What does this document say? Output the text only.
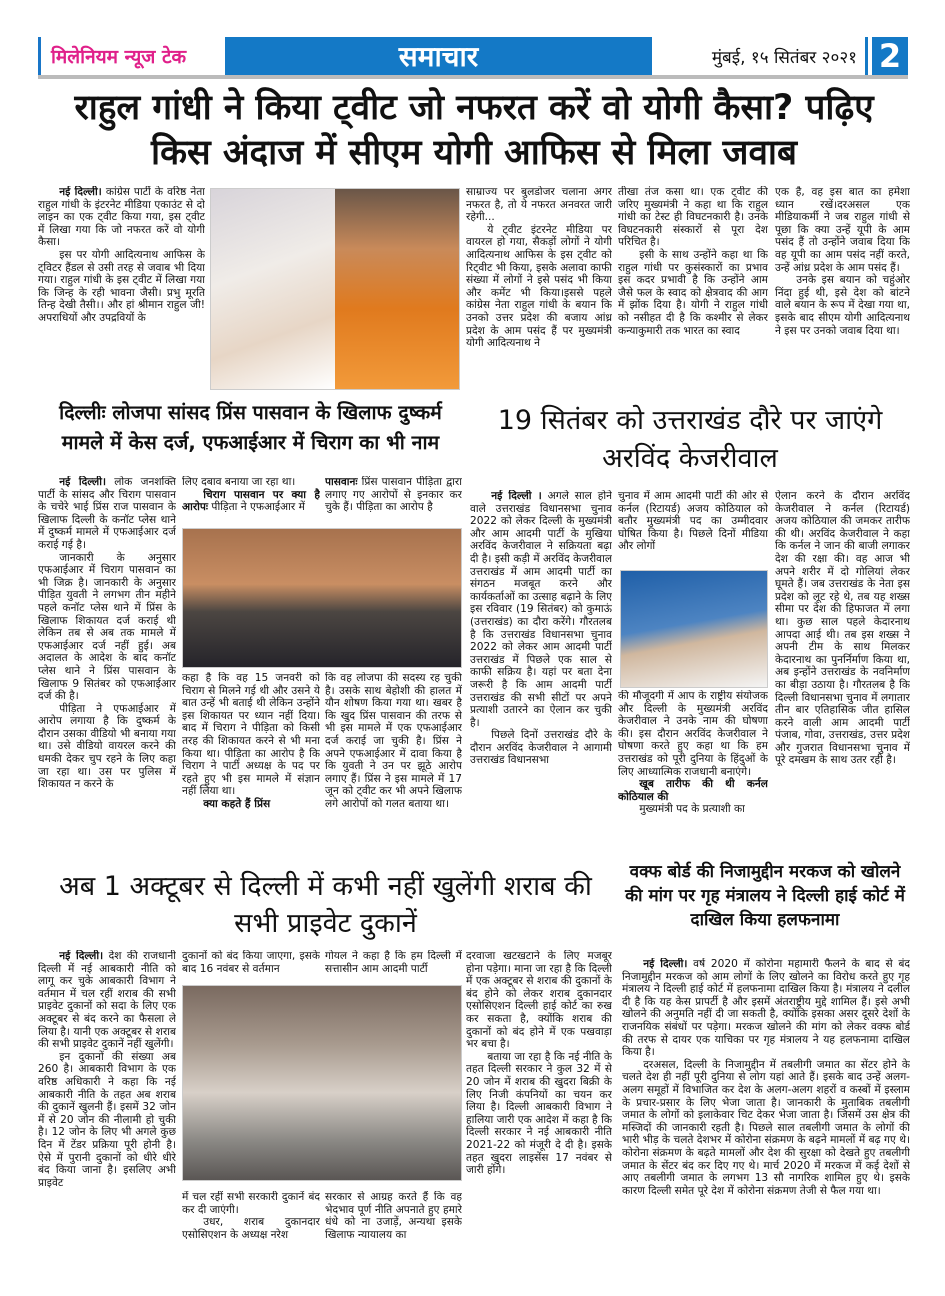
मिलेनियम न्यूज टेक	समाचार	मुंबई, १५ सितंबर २०२१ 2
राहुल गांधी ने किया ट्वीट जो नफरत करें वो योगी कैसा? पढ़िए किस अंदाज में सीएम योगी आफिस से मिला जवाब

नई दिल्ली। कांग्रेस पार्टी के वरिष्ठ नेता राहुल गांधी के इंटरनेट मीडिया एकाउंट से दो लाइन का एक ट्वीट किया गया, इस ट्वीट में लिखा गया कि जो नफरत करें वो योगी कैसा।

इस पर योगी आदित्यनाथ आफिस के ट्विटर हैंडल से उसी तरह से जवाब भी दिया गया। राहुल गांधी के इस ट्वीट में लिखा गया कि जिन्ह के रही भावना जैसी। प्रभु मूरति तिन्ह देखी तैसी।। और हां श्रीमान राहुल जी! अपराधियों और उपद्रवियों के

साम्राज्य पर बुलडोजर चलाना अगर नफरत है, तो ये नफरत अनवरत जारी रहेगी...

ये ट्वीट इंटरनेट मीडिया पर वायरल हो गया, सैकड़ों लोगों ने योगी आदित्यनाथ आफिस के इस ट्वीट को रिट्वीट भी किया, इसके अलावा काफी संख्या में लोगों ने इसे पसंद भी किया और कमेंट भी किया।इससे पहले कांग्रेस नेता राहुल गांधी के बयान कि उनको उत्तर प्रदेश की बजाय आंध्र प्रदेश के आम पसंद हैं पर मुख्यमंत्री योगी आदित्यनाथ ने

तीखा तंज कसा था। एक ट्वीट की जरिए मुख्यमंत्री ने कहा था कि राहुल गांधी का टेस्ट ही विघटनकारी है। उनके विघटनकारी संस्कारों से पूरा देश परिचित है।

इसी के साथ उन्होंने कहा था कि राहुल गांधी पर कुसंस्कारों का प्रभाव इस कदर प्रभावी है कि उन्होंने आम जैसे फल के स्वाद को क्षेत्रवाद की आग में झोंक दिया है। योगी ने राहुल गांधी को नसीहत दी है कि कश्मीर से लेकर कन्याकुमारी तक भारत का स्वाद

एक है, वह इस बात का हमेशा ध्यान रखें।दरअसल एक मीडियाकर्मी ने जब राहुल गांधी से पूछा कि क्या उन्हें यूपी के आम पसंद हैं तो उन्होंने जवाब दिया कि वह यूपी का आम पसंद नहीं करते, उन्हें आंध्र प्रदेश के आम पसंद हैं।

उनके इस बयान को चहुंओर निंदा हुई थी, इसे देश को बांटने वाले बयान के रूप में देखा गया था, इसके बाद सीएम योगी आदित्यनाथ ने इस पर उनको जवाब दिया था।

दिल्लीः लोजपा सांसद प्रिंस पासवान के खिलाफ दुष्कर्म मामले में केस दर्ज, एफआईआर में चिराग का भी नाम

नई दिल्ली। लोक जनशक्ति पार्टी के सांसद और चिराग पासवान के चचेरे भाई प्रिंस राज पासवान के खिलाफ दिल्ली के कनॉट प्लेस थाने में दुष्कर्म मामले में एफआईआर दर्ज कराई गई है।

जानकारी के अनुसार एफआईआर में चिराग पासवान का भी जिक्र है। जानकारी के अनुसार पीड़ित युवती ने लगभग तीन महीने पहले कनॉट प्लेस थाने में प्रिंस के खिलाफ शिकायत दर्ज कराई थी लेकिन तब से अब तक मामले में एफआईआर दर्ज नहीं हुई। अब अदालत के आदेश के बाद कनॉट प्लेस थाने ने प्रिंस पासवान के खिलाफ 9 सितंबर को एफआईआर दर्ज की है।

पीड़िता ने एफआईआर में आरोप लगाया है कि दुष्कर्म के दौरान उसका वीडियो भी बनाया गया था। उसे वीडियो वायरल करने की धमकी देकर चुप रहने के लिए कहा जा रहा था। उस पर पुलिस में शिकायत न करने के

लिए दबाव बनाया जा रहा था।

चिराग पासवान पर क्या है आरोपः पीड़िता ने एफआईआर में

पासवानः प्रिंस पासवान पीड़िता द्वारा लगाए गए आरोपों से इनकार कर चुके हैं। पीड़िता का आरोप है

कहा है कि वह 15 जनवरी को चिराग से मिलने गई थी और उसने ये बात उन्हें भी बताई थी लेकिन उन्होंने इस शिकायत पर ध्यान नहीं दिया। बाद में चिराग ने पीड़िता को किसी तरह की शिकायत करने से भी मना किया था। पीड़िता का आरोप है कि चिराग ने पार्टी अध्यक्ष के पद पर रहते हुए भी इस मामले में संज्ञान नहीं लिया था।

क्या कहते हैं प्रिंस

कि वह लोजपा की सदस्य रह चुकी है। उसके साथ बेहोशी की हालत में यौन शोषण किया गया था। खबर है कि खुद प्रिंस पासवान की तरफ से भी इस मामले में एक एफआईआर दर्ज कराई जा चुकी है। प्रिंस ने अपने एफआईआर में दावा किया है कि युवती ने उन पर झूठे आरोप लगाए हैं। प्रिंस ने इस मामले में 17 जून को ट्वीट कर भी अपने खिलाफ लगे आरोपों को गलत बताया था।

19 सितंबर को उत्तराखंड दौरे पर जाएंगे अरविंद केजरीवाल

नई दिल्ली । अगले साल होने वाले उत्तराखंड विधानसभा चुनाव 2022 को लेकर दिल्ली के मुख्यमंत्री और आम आदमी पार्टी के मुखिया अरविंद केजरीवाल ने सक्रियता बढ़ा दी है। इसी कड़ी में अरविंद केजरीवाल उत्तराखंड में आम आदमी पार्टी का संगठन मजबूत करने और कार्यकर्ताओं का उत्साह बढ़ाने के लिए इस रविवार (19 सितंबर) को कुमाऊं (उत्तराखंड) का दौरा करेंगे। गौरतलब है कि उत्तराखंड विधानसभा चुनाव 2022 को लेकर आम आदमी पार्टी उत्तराखंड में पिछले एक साल से काफी सक्रिय है। यहां पर बता देना जरूरी है कि आम आदमी पार्टी उत्तराखंड की सभी सीटों पर अपने प्रत्याशी उतारने का ऐलान कर चुकी है।

पिछले दिनों उत्तराखंड दौरे के दौरान अरविंद केजरीवाल ने आगामी उत्तराखंड विधानसभा

चुनाव में आम आदमी पार्टी की ओर से कर्नल (रिटायर्ड) अजय कोठियाल को बतौर मुख्यमंत्री पद का उम्मीदवार घोषित किया है। पिछले दिनों मीडिया और लोगों

की मौजूदगी में आप के राष्ट्रीय संयोजक और दिल्ली के मुख्यमंत्री अरविंद केजरीवाल ने उनके नाम की घोषणा की। इस दौरान अरविंद केजरीवाल ने घोषणा करते हुए कहा था कि हम उत्तराखंड को पूरी दुनिया के हिंदुओं के लिए आध्यात्मिक राजधानी बनाएंगे।

खूब तारीफ की थी कर्नल कोठियाल की

मुख्यमंत्री पद के प्रत्याशी का

ऐलान करने के दौरान अरविंद केजरीवाल ने कर्नल (रिटायर्ड) अजय कोठियाल की जमकर तारीफ की थी। अरविंद केजरीवाल ने कहा कि कर्नल ने जान की बाजी लगाकर देश की रक्षा की। वह आज भी अपने शरीर में दो गोलियां लेकर घूमते हैं। जब उत्तराखंड के नेता इस प्रदेश को लूट रहे थे, तब यह शख्स सीमा पर देश की हिफाजत में लगा था। कुछ साल पहले केदारनाथ आपदा आई थी। तब इस शख्स ने अपनी टीम के साथ मिलकर केदारनाथ का पुनर्निर्माण किया था, अब इन्होंने उत्तराखंड के नवनिर्माण का बीड़ा उठाया है। गौरतलब है कि दिल्ली विधानसभा चुनाव में लगातार तीन बार एतिहासिक जीत हासिल करने वाली आम आदमी पार्टी पंजाब, गोवा, उत्तराखंड, उत्तर प्रदेश और गुजरात विधानसभा चुनाव में पूरे दमखम के साथ उतर रही है।

अब 1 अक्टूबर से दिल्ली में कभी नहीं खुलेंगी शराब की सभी प्राइवेट दुकानें

नई दिल्ली। देश की राजधानी दिल्ली में नई आबकारी नीति को लागू कर चुके आबकारी विभाग ने वर्तमान में चल रहीं शराब की सभी प्राइवेट दुकानों को सदा के लिए एक अक्टूबर से बंद करने का फैसला ले लिया है। यानी एक अक्टूबर से शराब की सभी प्राइवेट दुकानें नहीं खुलेंगी।

इन दुकानों की संख्या अब 260 है। आबकारी विभाग के एक वरिष्ठ अधिकारी ने कहा कि नई आबकारी नीति के तहत अब शराब की दुकानें खुलनी हैं। इसमें 32 जोन में से 20 जोन की नीलामी हो चुकी है। 12 जोन के लिए भी अगले कुछ दिन में टेंडर प्रक्रिया पूरी होनी है। ऐसे में पुरानी दुकानों को धीरे धीरे बंद किया जाना है। इसलिए अभी प्राइवेट

दुकानों को बंद किया जाएगा, इसके बाद 16 नवंबर से वर्तमान

गोयल ने कहा है कि हम दिल्ली में सत्तासीन आम आदमी पार्टी

में चल रहीं सभी सरकारी दुकानें बंद कर दी जाएंगी।

उधर, शराब दुकानदार एसोसिएशन के अध्यक्ष नरेश

सरकार से आग्रह करते हैं कि वह भेदभाव पूर्ण नीति अपनाते हुए हमारे धंधे को ना उजाड़ें, अन्यथा इसके खिलाफ न्यायालय का

दरवाजा खटखटाने के लिए मजबूर होना पड़ेगा। माना जा रहा है कि दिल्ली में एक अक्टूबर से शराब की दुकानों के बंद होने को लेकर शराब दुकानदार एसोसिएशन दिल्ली हाई कोर्ट का रुख कर सकता है, क्योंकि शराब की दुकानों को बंद होने में एक पखवाड़ा भर बचा है।

बताया जा रहा है कि नई नीति के तहत दिल्ली सरकार ने कुल 32 में से 20 जोन में शराब की खुदरा बिक्री के लिए निजी कंपनियों का चयन कर लिया है। दिल्ली आबकारी विभाग ने हालिया जारी एक आदेश में कहा है कि दिल्ली सरकार ने नई आबकारी नीति 2021-22 को मंजूरी दे दी है। इसके तहत खुदरा लाइसेंस 17 नवंबर से जारी होंगे।

वक्फ बोर्ड की निजामुद्दीन मरकज को खोलने की मांग पर गृह मंत्रालय ने दिल्ली हाई कोर्ट में दाखिल किया हलफनामा

नई दिल्ली। वर्ष 2020 में कोरोना महामारी फैलने के बाद से बंद निजामुद्दीन मरकज को आम लोगों के लिए खोलने का विरोध करते हुए गृह मंत्रालय ने दिल्ली हाई कोर्ट में हलफनामा दाखिल किया है। मंत्रालय ने दलील दी है कि यह केस प्रापर्टी है और इसमें अंतराष्ट्रीय मुद्दे शामिल हैं। इसे अभी खोलने की अनुमति नहीं दी जा सकती है, क्योंकि इसका असर दूसरे देशों के राजनयिक संबंधों पर पड़ेगा। मरकज खोलने की मांग को लेकर वक्फ बोर्ड की तरफ से दायर एक याचिका पर गृह मंत्रालय ने यह हलफनामा दाखिल किया है।

दरअसल, दिल्ली के निजामुद्दीन में तबलीगी जमात का सेंटर होने के चलते देश ही नहीं पूरी दुनिया से लोग यहां आते हैं। इसके बाद उन्हें अलग-अलग समूहों में विभाजित कर देश के अलग-अलग शहरों व कस्बों में इस्लाम के प्रचार-प्रसार के लिए भेजा जाता है। जानकारी के मुताबिक तबलीगी जमात के लोगों को इलाकेवार चिट देकर भेजा जाता है। जिसमें उस क्षेत्र की मस्जिदों की जानकारी रहती है। पिछले साल तबलीगी जमात के लोगों की भारी भीड़ के चलते देशभर में कोरोना संक्रमण के बढ़ने मामलों में बढ़ गए थे। कोरोना संक्रमण के बढ़ते मामलों और देश की सुरक्षा को देखते हुए तबलीगी जमात के सेंटर बंद कर दिए गए थे। मार्च 2020 में मरकज में कई देशों से आए तबलीगी जमात के लगभग 13 सौ नागरिक शामिल हुए थे। इसके कारण दिल्ली समेत पूरे देश में कोरोना संक्रमण तेजी से फैल गया था।
